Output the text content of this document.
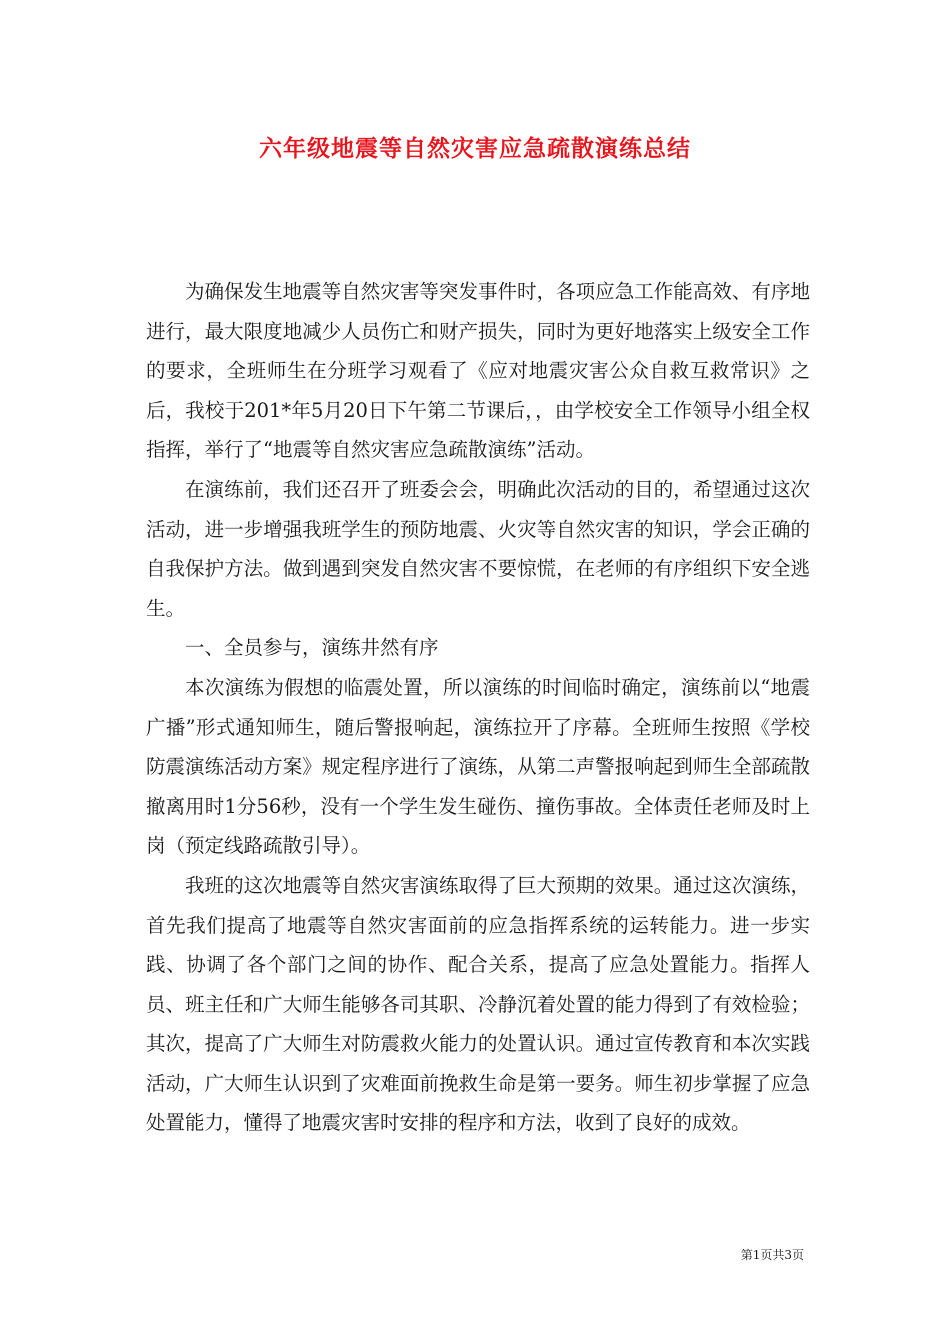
六年级地震等自然灾害应急疏散演练总结

为确保发生地震等自然灾害等突发事件时，各项应急工作能高效、有序地进行，最大限度地减少人员伤亡和财产损失，同时为更好地落实上级安全工作的要求，全班师生在分班学习观看了《应对地震灾害公众自救互救常识》之后，我校于201*年5月20日下午第二节课后，，由学校安全工作领导小组全权指挥，举行了“地震等自然灾害应急疏散演练”活动。

在演练前，我们还召开了班委会会，明确此次活动的目的，希望通过这次活动，进一步增强我班学生的预防地震、火灾等自然灾害的知识，学会正确的自我保护方法。做到遇到突发自然灾害不要惊慌，在老师的有序组织下安全逃生。

一、全员参与，演练井然有序

本次演练为假想的临震处置，所以演练的时间临时确定，演练前以“地震广播”形式通知师生，随后警报响起，演练拉开了序幕。全班师生按照《学校防震演练活动方案》规定程序进行了演练，从第二声警报响起到师生全部疏散撤离用时1分56秒，没有一个学生发生碰伤、撞伤事故。全体责任老师及时上岗（预定线路疏散引导）。

我班的这次地震等自然灾害演练取得了巨大预期的效果。通过这次演练，首先我们提高了地震等自然灾害面前的应急指挥系统的运转能力。进一步实践、协调了各个部门之间的协作、配合关系，提高了应急处置能力。指挥人员、班主任和广大师生能够各司其职、冷静沉着处置的能力得到了有效检验；其次，提高了广大师生对防震救火能力的处置认识。通过宣传教育和本次实践活动，广大师生认识到了灾难面前挽救生命是第一要务。师生初步掌握了应急处置能力，懂得了地震灾害时安排的程序和方法，收到了良好的成效。

第1页共3页
